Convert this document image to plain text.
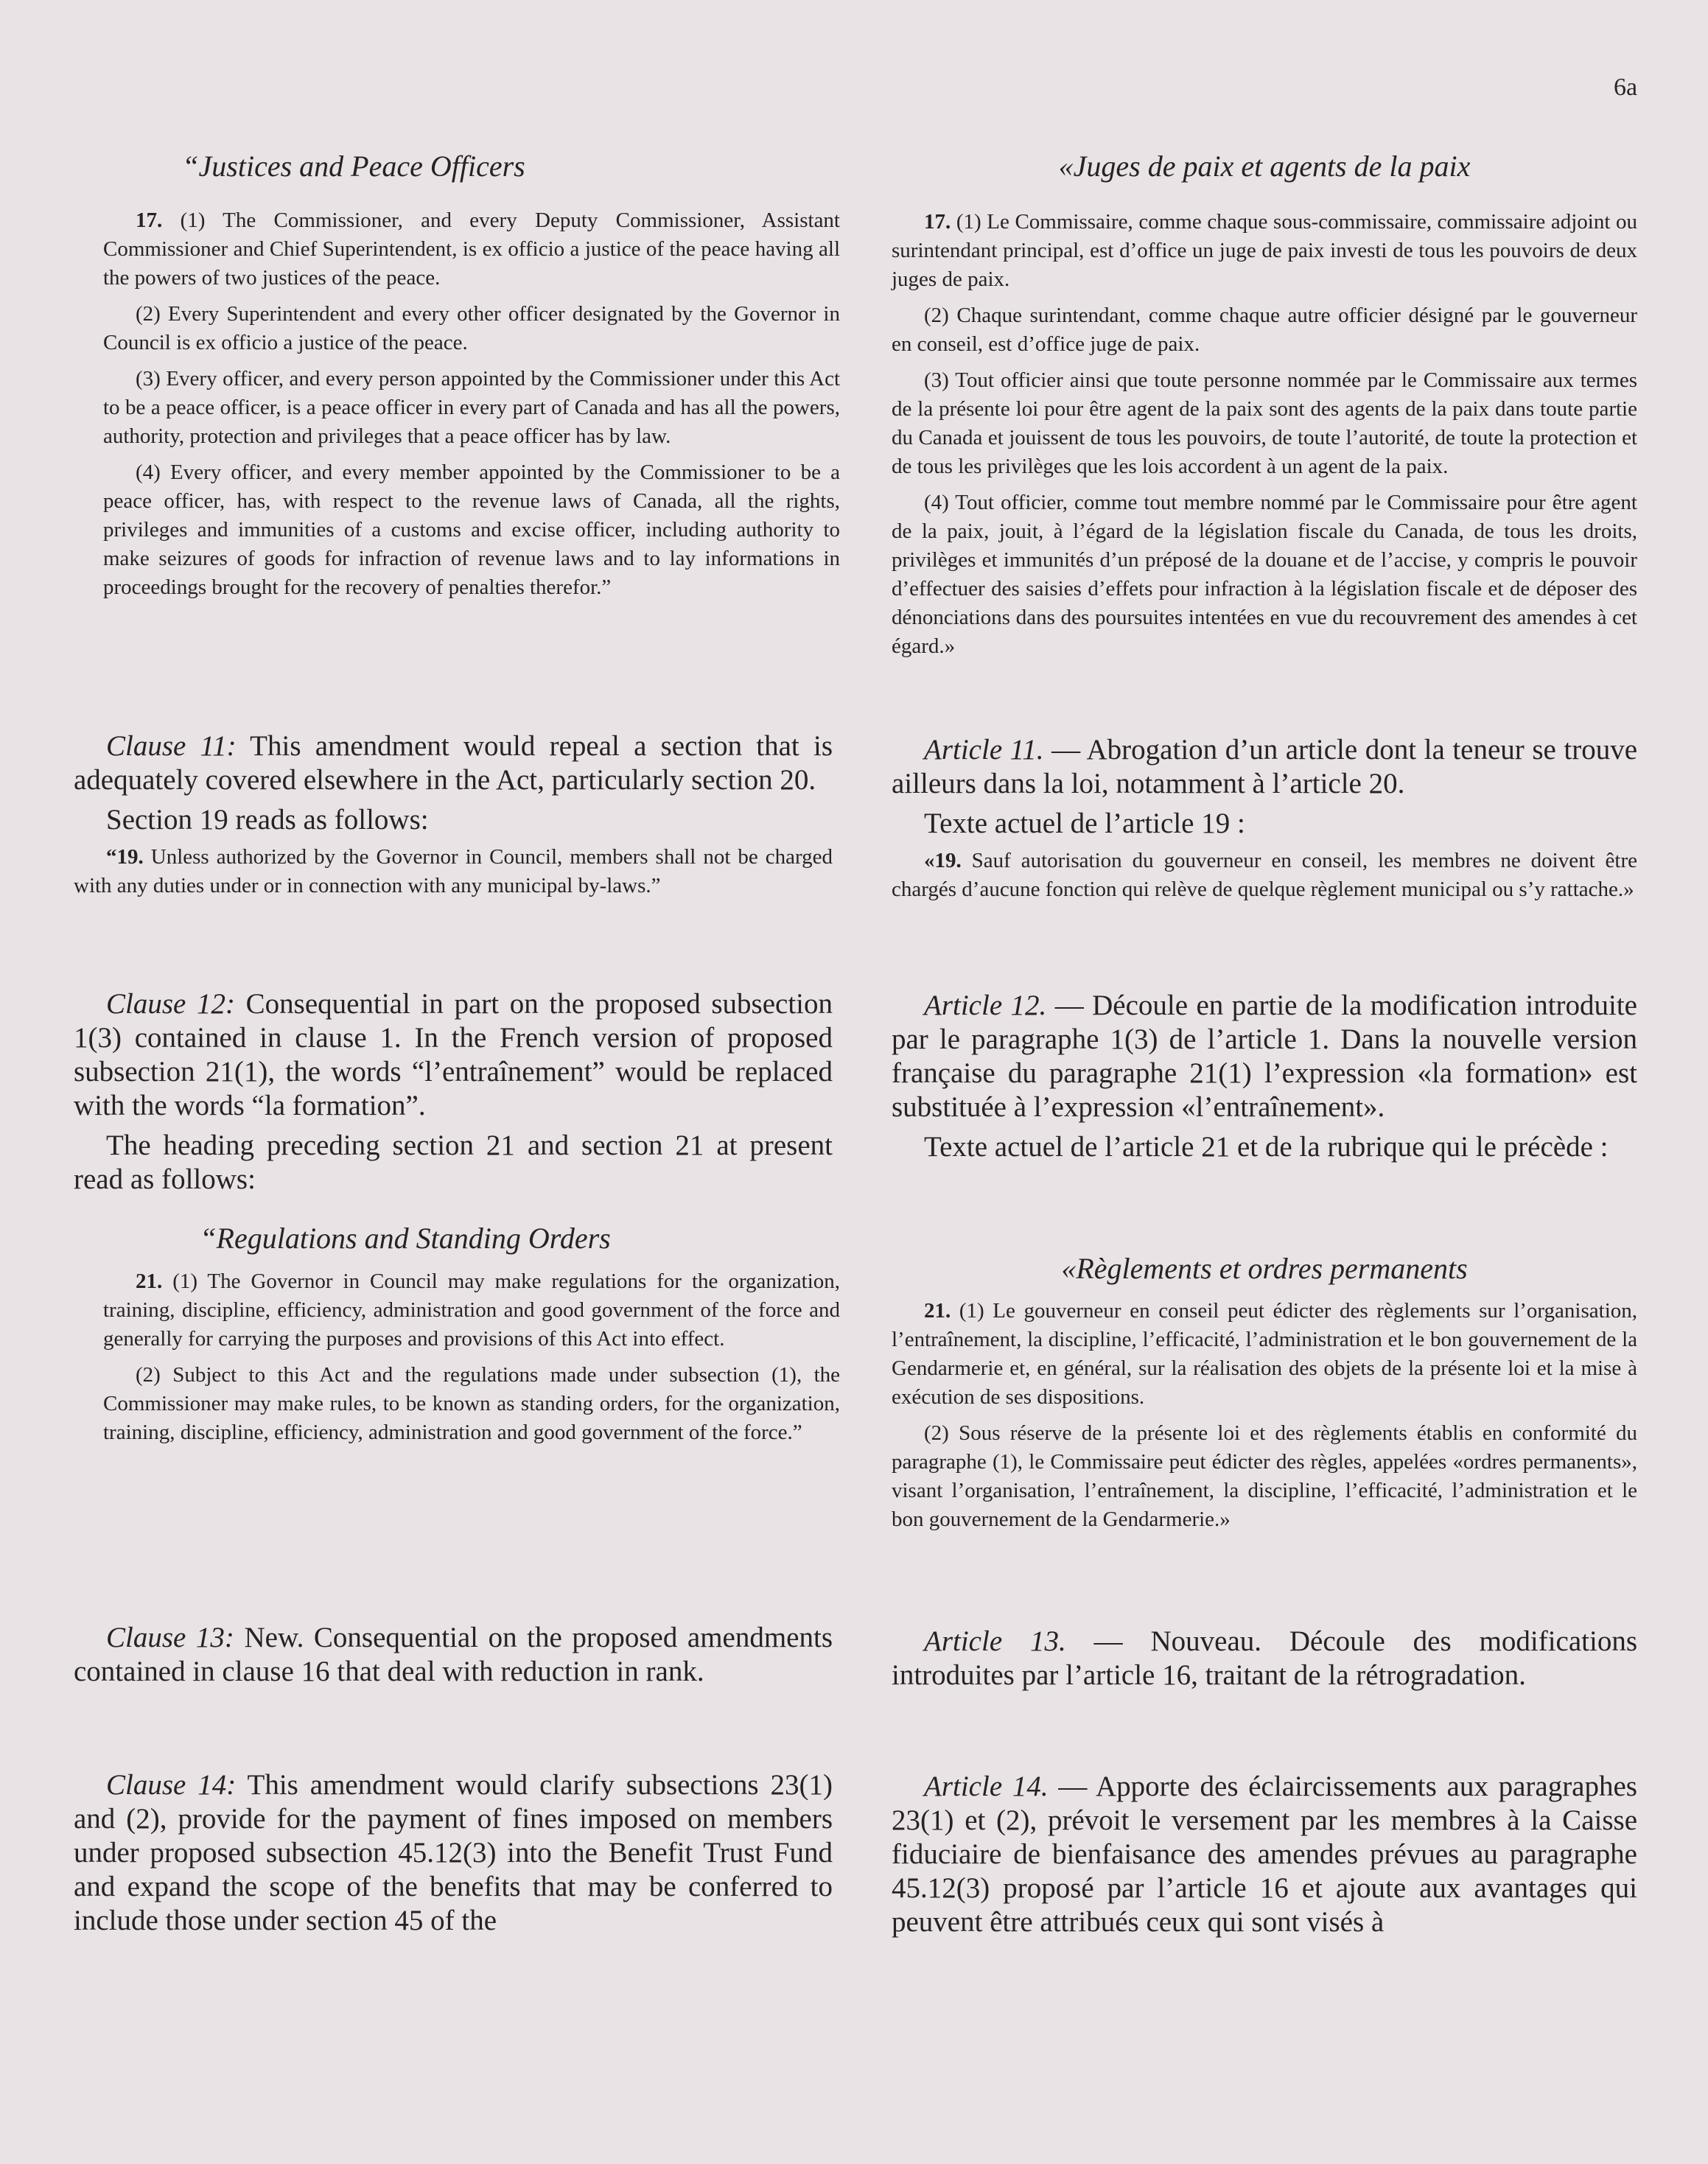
6a
“Justices and Peace Officers

17. (1) The Commissioner, and every Deputy Commissioner, Assistant Commissioner and Chief Superintendent, is ex officio a justice of the peace having all the powers of two justices of the peace.

(2) Every Superintendent and every other officer designated by the Governor in Council is ex officio a justice of the peace.

(3) Every officer, and every person appointed by the Commissioner under this Act to be a peace officer, is a peace officer in every part of Canada and has all the powers, authority, protection and privileges that a peace officer has by law.

(4) Every officer, and every member appointed by the Commissioner to be a peace officer, has, with respect to the revenue laws of Canada, all the rights, privileges and immunities of a customs and excise officer, including authority to make seizures of goods for infraction of revenue laws and to lay informations in proceedings brought for the recovery of penalties therefor.”

Clause 11: This amendment would repeal a section that is adequately covered elsewhere in the Act, particularly section 20.

Section 19 reads as follows:

“19. Unless authorized by the Governor in Council, members shall not be charged with any duties under or in connection with any municipal by-laws.”

Clause 12: Consequential in part on the proposed subsection 1(3) contained in clause 1. In the French version of proposed subsection 21(1), the words “l’entraînement” would be replaced with the words “la formation”.

The heading preceding section 21 and section 21 at present read as follows:

“Regulations and Standing Orders

21. (1) The Governor in Council may make regulations for the organization, training, discipline, efficiency, administration and good government of the force and generally for carrying the purposes and provisions of this Act into effect.

(2) Subject to this Act and the regulations made under subsection (1), the Commissioner may make rules, to be known as standing orders, for the organization, training, discipline, efficiency, administration and good government of the force.”

Clause 13: New. Consequential on the proposed amendments contained in clause 16 that deal with reduction in rank.

Clause 14: This amendment would clarify subsections 23(1) and (2), provide for the payment of fines imposed on members under proposed subsection 45.12(3) into the Benefit Trust Fund and expand the scope of the benefits that may be conferred to include those under section 45 of the

«Juges de paix et agents de la paix

17. (1) Le Commissaire, comme chaque sous-commissaire, commissaire adjoint ou surintendant principal, est d’office un juge de paix investi de tous les pouvoirs de deux juges de paix.

(2) Chaque surintendant, comme chaque autre officier désigné par le gouverneur en conseil, est d’office juge de paix.

(3) Tout officier ainsi que toute personne nommée par le Commissaire aux termes de la présente loi pour être agent de la paix sont des agents de la paix dans toute partie du Canada et jouissent de tous les pouvoirs, de toute l’autorité, de toute la protection et de tous les privilèges que les lois accordent à un agent de la paix.

(4) Tout officier, comme tout membre nommé par le Commissaire pour être agent de la paix, jouit, à l’égard de la législation fiscale du Canada, de tous les droits, privilèges et immunités d’un préposé de la douane et de l’accise, y compris le pouvoir d’effectuer des saisies d’effets pour infraction à la législation fiscale et de déposer des dénonciations dans des poursuites intentées en vue du recouvrement des amendes à cet égard.»

Article 11. — Abrogation d’un article dont la teneur se trouve ailleurs dans la loi, notamment à l’article 20.

Texte actuel de l’article 19 :

«19. Sauf autorisation du gouverneur en conseil, les membres ne doivent être chargés d’aucune fonction qui relève de quelque règlement municipal ou s’y rattache.»

Article 12. — Découle en partie de la modification introduite par le paragraphe 1(3) de l’article 1. Dans la nouvelle version française du paragraphe 21(1) l’expression «la formation» est substituée à l’expression «l’entraînement».

Texte actuel de l’article 21 et de la rubrique qui le précède :

«Règlements et ordres permanents

21. (1) Le gouverneur en conseil peut édicter des règlements sur l’organisation, l’entraînement, la discipline, l’efficacité, l’administration et le bon gouvernement de la Gendarmerie et, en général, sur la réalisation des objets de la présente loi et la mise à exécution de ses dispositions.

(2) Sous réserve de la présente loi et des règlements établis en conformité du paragraphe (1), le Commissaire peut édicter des règles, appelées «ordres permanents», visant l’organisation, l’entraînement, la discipline, l’efficacité, l’administration et le bon gouvernement de la Gendarmerie.»

Article 13. — Nouveau. Découle des modifications introduites par l’article 16, traitant de la rétrogradation.

Article 14. — Apporte des éclaircissements aux paragraphes 23(1) et (2), prévoit le versement par les membres à la Caisse fiduciaire de bienfaisance des amendes prévues au paragraphe 45.12(3) proposé par l’article 16 et ajoute aux avantages qui peuvent être attribués ceux qui sont visés à
